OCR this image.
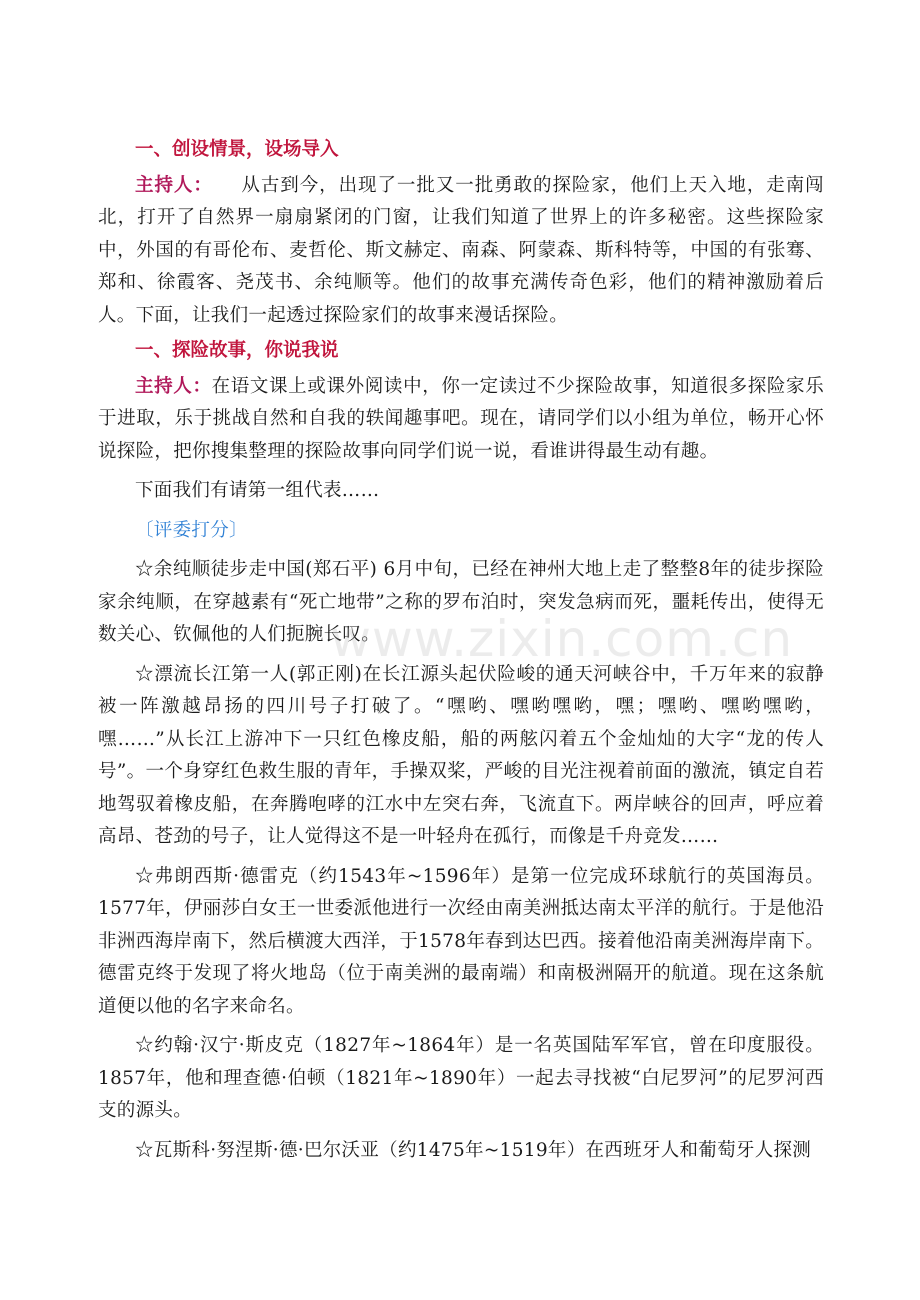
一、创设情景，设场导入

主持人： 从古到今，出现了一批又一批勇敢的探险家，他们上天入地，走南闯北，打开了自然界一扇扇紧闭的门窗，让我们知道了世界上的许多秘密。这些探险家中，外国的有哥伦布、麦哲伦、斯文赫定、南森、阿蒙森、斯科特等，中国的有张骞、郑和、徐霞客、尧茂书、余纯顺等。他们的故事充满传奇色彩，他们的精神激励着后人。下面，让我们一起透过探险家们的故事来漫话探险。

一、探险故事，你说我说

主持人：在语文课上或课外阅读中，你一定读过不少探险故事，知道很多探险家乐于进取，乐于挑战自然和自我的轶闻趣事吧。现在，请同学们以小组为单位，畅开心怀说探险，把你搜集整理的探险故事向同学们说一说，看谁讲得最生动有趣。

下面我们有请第一组代表……

〔评委打分〕

☆余纯顺徒步走中国(郑石平) 6月中旬，已经在神州大地上走了整整8年的徒步探险家余纯顺，在穿越素有“死亡地带”之称的罗布泊时，突发急病而死，噩耗传出，使得无数关心、钦佩他的人们扼腕长叹。

☆漂流长江第一人(郭正刚)在长江源头起伏险峻的通天河峡谷中，千万年来的寂静被一阵激越昂扬的四川号子打破了。“嘿哟、嘿哟嘿哟，嘿；嘿哟、嘿哟嘿哟，嘿……”从长江上游冲下一只红色橡皮船，船的两舷闪着五个金灿灿的大字“龙的传人号”。一个身穿红色救生服的青年，手操双桨，严峻的目光注视着前面的激流，镇定自若地驾驭着橡皮船，在奔腾咆哮的江水中左突右奔，飞流直下。两岸峡谷的回声，呼应着高昂、苍劲的号子，让人觉得这不是一叶轻舟在孤行，而像是千舟竞发……

☆弗朗西斯·德雷克（约1543年~1596年）是第一位完成环球航行的英国海员。1577年，伊丽莎白女王一世委派他进行一次经由南美洲抵达南太平洋的航行。于是他沿非洲西海岸南下，然后横渡大西洋，于1578年春到达巴西。接着他沿南美洲海岸南下。德雷克终于发现了将火地岛（位于南美洲的最南端）和南极洲隔开的航道。现在这条航道便以他的名字来命名。

☆约翰·汉宁·斯皮克（1827年~1864年）是一名英国陆军军官，曾在印度服役。1857年，他和理查德·伯顿（1821年~1890年）一起去寻找被“白尼罗河”的尼罗河西支的源头。

☆瓦斯科·努涅斯·德·巴尔沃亚（约1475年~1519年）在西班牙人和葡萄牙人探测

www.zixin.com.cn
